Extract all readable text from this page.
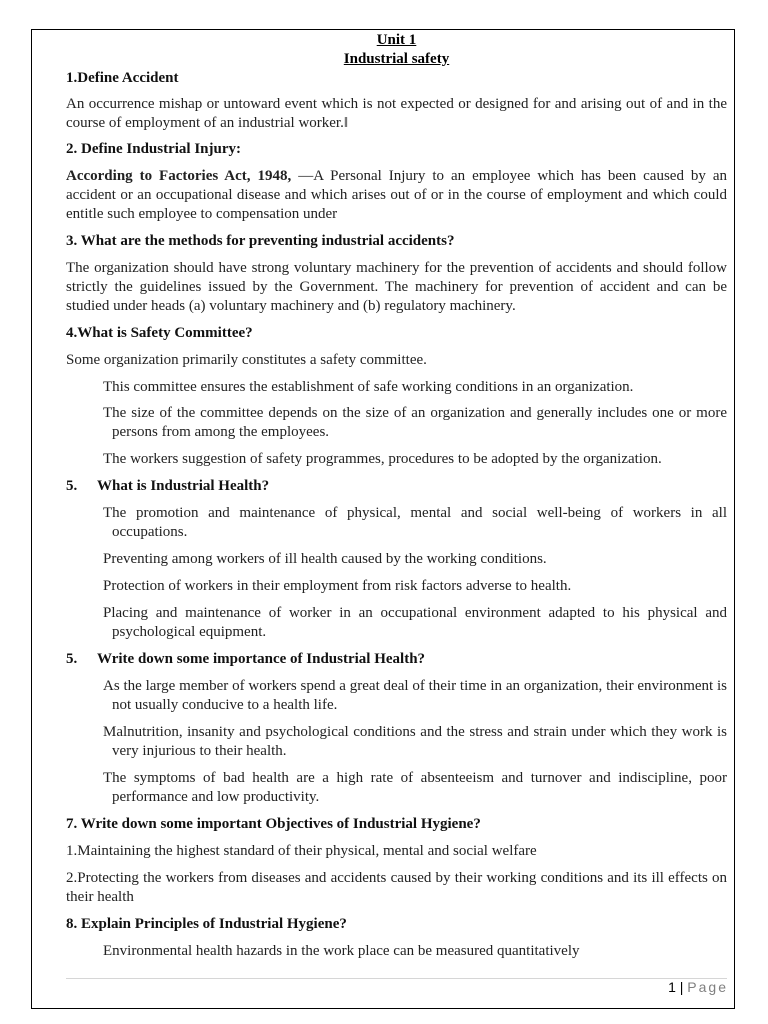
Unit 1
Industrial safety

1.Define Accident

An occurrence mishap or untoward event which is not expected or designed for and arising out of and in the course of employment of an industrial worker.‖

2. Define Industrial Injury:

According to Factories Act, 1948, —A Personal Injury to an employee which has been caused by an accident or an occupational disease and which arises out of or in the course of employment and which could entitle such employee to compensation under

3. What are the methods for preventing industrial accidents?

The organization should have strong voluntary machinery for the prevention of accidents and should follow strictly the guidelines issued by the Government. The machinery for prevention of accident and can be studied under heads (a) voluntary machinery and (b) regulatory machinery.

4.What is Safety Committee?

Some organization primarily constitutes a safety committee.

This committee ensures the establishment of safe working conditions in an organization.

The size of the committee depends on the size of an organization and generally includes one or more persons from among the employees.

The workers suggestion of safety programmes, procedures to be adopted by the organization.

5. What is Industrial Health?

The promotion and maintenance of physical, mental and social well-being of workers in all occupations.

Preventing among workers of ill health caused by the working conditions.

Protection of workers in their employment from risk factors adverse to health.

Placing and maintenance of worker in an occupational environment adapted to his physical and psychological equipment.

5. Write down some importance of Industrial Health?

As the large member of workers spend a great deal of their time in an organization, their environment is not usually conducive to a health life.

Malnutrition, insanity and psychological conditions and the stress and strain under which they work is very injurious to their health.

The symptoms of bad health are a high rate of absenteeism and turnover and indiscipline, poor performance and low productivity.

7. Write down some important Objectives of Industrial Hygiene?

1.Maintaining the highest standard of their physical, mental and social welfare

2.Protecting the workers from diseases and accidents caused by their working conditions and its ill effects on their health

8. Explain Principles of Industrial Hygiene?

Environmental health hazards in the work place can be measured quantitatively

1 | Page
